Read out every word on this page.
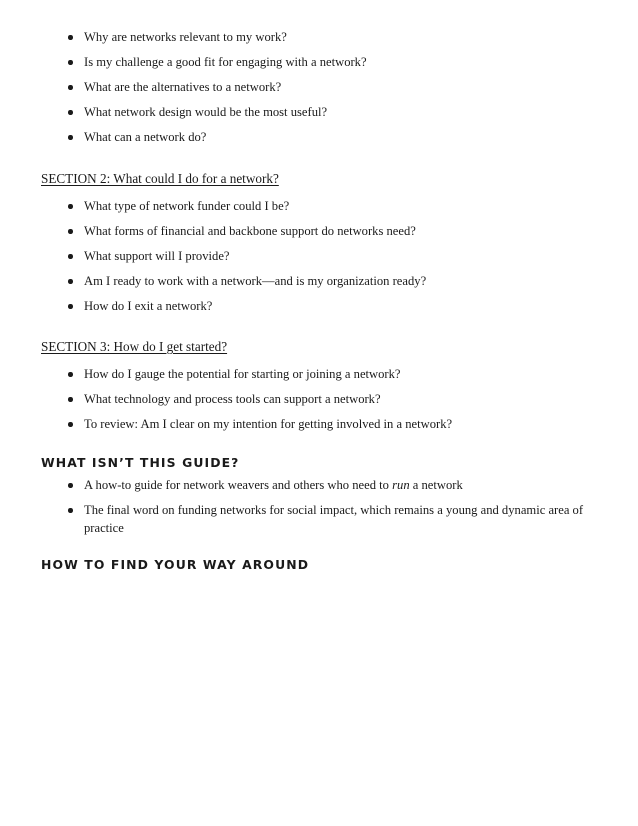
Why are networks relevant to my work?
Is my challenge a good fit for engaging with a network?
What are the alternatives to a network?
What network design would be the most useful?
What can a network do?
SECTION 2: What could I do for a network?
What type of network funder could I be?
What forms of financial and backbone support do networks need?
What support will I provide?
Am I ready to work with a network—and is my organization ready?
How do I exit a network?
SECTION 3: How do I get started?
How do I gauge the potential for starting or joining a network?
What technology and process tools can support a network?
To review: Am I clear on my intention for getting involved in a network?
WHAT ISN’T THIS GUIDE?
A how-to guide for network weavers and others who need to run a network
The final word on funding networks for social impact, which remains a young and dynamic area of practice
HOW TO FIND YOUR WAY AROUND
